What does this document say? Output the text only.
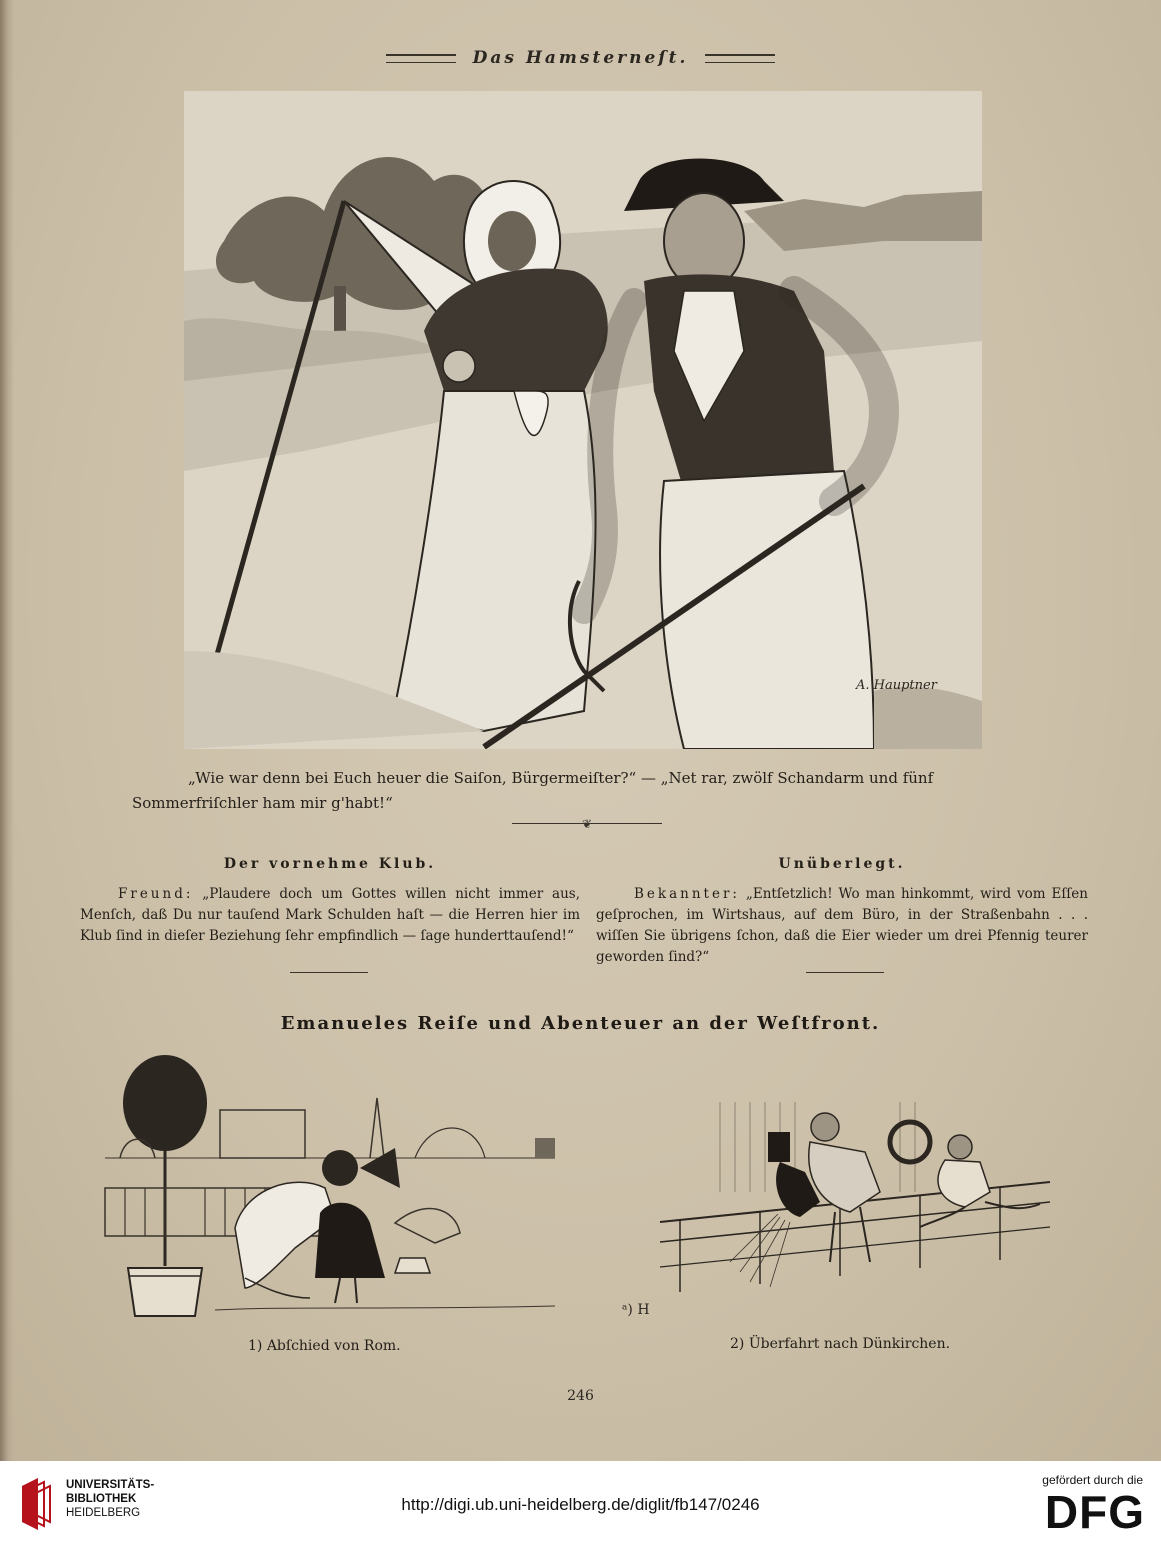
Das Hamsterneſt.
A. Hauptner
„Wie war denn bei Euch heuer die Saiſon, Bürgermeiſter?“ — „Net rar, zwölf Schandarm und fünf
Sommerfriſchler ham mir g'habt!“
❦
Der vornehme Klub.
Freund: „Plaudere doch um Gottes willen nicht immer aus, Menſch, daß Du nur tauſend Mark Schulden haſt — die Herren hier im Klub ſind in dieſer Beziehung ſehr empfindlich — ſage hunderttauſend!“
Unüberlegt.
Bekannter: „Entſetzlich! Wo man hinkommt, wird vom Eſſen geſprochen, im Wirtshaus, auf dem Büro, in der Straßenbahn . . . wiſſen Sie übrigens ſchon, daß die Eier wieder um drei Pfennig teurer geworden ſind?“
Emanueles Reiſe und Abenteuer an der Weſtfront.
1) Abſchied von Rom.
ᵃ) H
2) Überfahrt nach Dünkirchen.
246
UNIVERSITÄTS-
BIBLIOTHEK
HEIDELBERG	http://digi.ub.uni-heidelberg.de/diglit/fb147/0246
gefördert durch die
DFG
